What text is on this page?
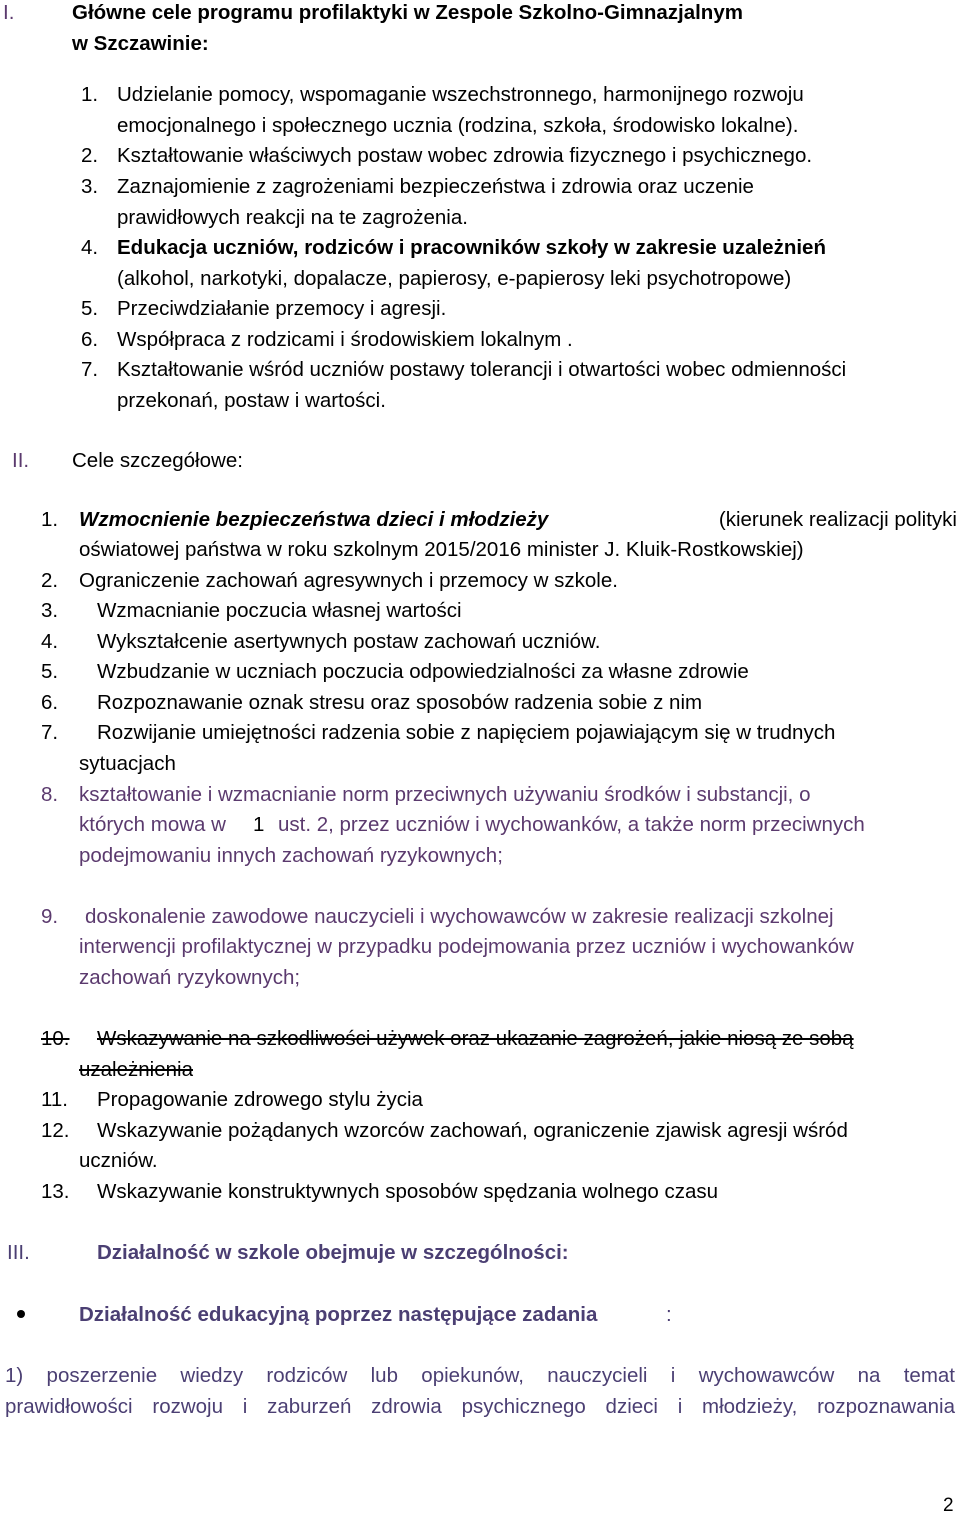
I.	Główne cele programu profilaktyki w Zespole Szkolno-Gimnazjalnym
w Szczawinie:
1. Udzielanie pomocy, wspomaganie wszechstronnego, harmonijnego rozwoju
emocjonalnego i społecznego ucznia (rodzina, szkoła, środowisko lokalne).
2. Kształtowanie właściwych postaw wobec zdrowia fizycznego i psychicznego.
3. Zaznajomienie z zagrożeniami bezpieczeństwa i zdrowia oraz uczenie
prawidłowych reakcji na te zagrożenia.
4. Edukacja uczniów, rodziców i pracowników szkoły w zakresie uzależnień
(alkohol, narkotyki, dopalacze, papierosy, e-papierosy leki psychotropowe)
5. Przeciwdziałanie przemocy i agresji.
6. Współpraca z rodzicami i środowiskiem lokalnym .
7. Kształtowanie wśród uczniów postawy tolerancji i otwartości wobec odmienności
przekonań, postaw i wartości.
II. Cele szczegółowe:
1. Wzmocnienie bezpieczeństwa dzieci i młodzieży	(kierunek realizacji polityki
oświatowej państwa w roku szkolnym 2015/2016 minister J. Kluik-Rostkowskiej)
2. Ograniczenie zachowań agresywnych i przemocy w szkole.
3. Wzmacnianie poczucia własnej wartości
4. Wykształcenie asertywnych postaw zachowań uczniów.
5. Wzbudzanie w uczniach poczucia odpowiedzialności za własne zdrowie
6. Rozpoznawanie oznak stresu oraz sposobów radzenia sobie z nim
7. Rozwijanie umiejętności radzenia sobie z napięciem pojawiającym się w trudnych
sytuacjach
8. kształtowanie i wzmacnianie norm przeciwnych używaniu środków i substancji, o
których mowa w 1 ust. 2, przez uczniów i wychowanków, a także norm przeciwnych
podejmowaniu innych zachowań ryzykownych;
9. doskonalenie zawodowe nauczycieli i wychowawców w zakresie realizacji szkolnej
interwencji profilaktycznej w przypadku podejmowania przez uczniów i wychowanków
zachowań ryzykownych;
10. Wskazywanie na szkodliwości używek oraz ukazanie zagrożeń, jakie niosą ze sobą
uzależnienia
11. Propagowanie zdrowego stylu życia
12. Wskazywanie pożądanych wzorców zachowań, ograniczenie zjawisk agresji wśród
uczniów.
13. Wskazywanie konstruktywnych sposobów spędzania wolnego czasu
III.	Działalność w szkole obejmuje w szczególności:
Działalność edukacyjną poprzez następujące zadania	:
1) poszerzenie wiedzy rodziców lub opiekunów, nauczycieli i wychowawców na temat
prawidłowości rozwoju i zaburzeń zdrowia psychicznego dzieci i młodzieży, rozpoznawania
2
